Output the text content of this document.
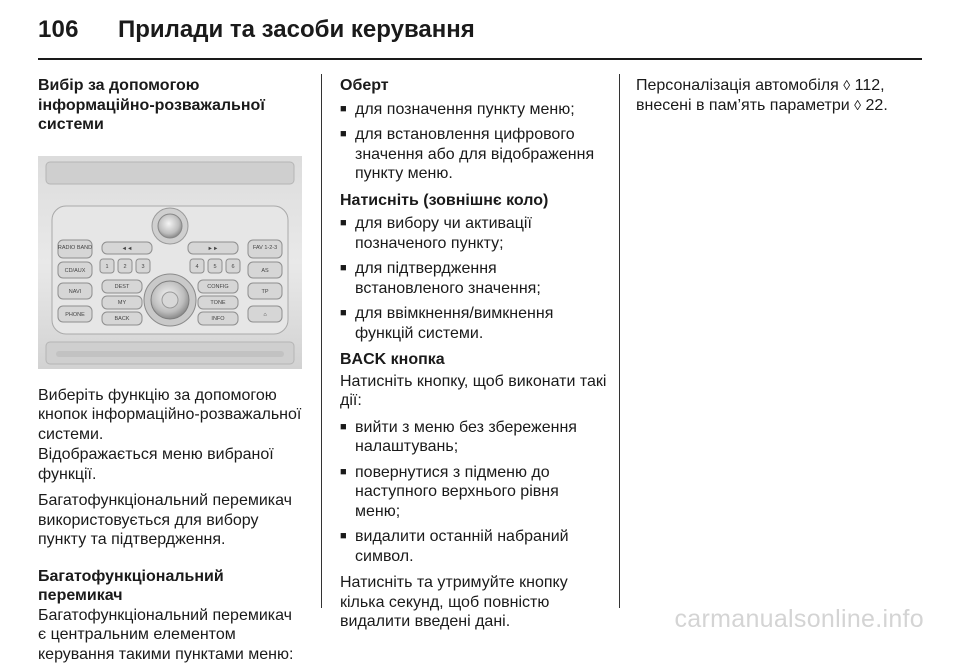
106 Прилади та засоби керування
Вибір за допомогою інформаційно-розважальної системи
RADIO BAND
CD/AUX
NAVI
PHONE
FAV 1-2-3
AS
TP
⌂
◄◄	►►
1	2	3	4	5	6
DEST
MY
BACK
CONFIG
TONE
INFO
Виберіть функцію за допомогою кнопок інформаційно-розважальної системи.
Відображається меню вибраної функції.
Багатофункціональний перемикач використовується для вибору пункту та підтвердження.
Багатофункціональний перемикач
Багатофункціональний перемикач є центральним елементом керування такими пунктами меню:
Оберт
■ для позначення пункту меню;
■ для встановлення цифрового значення або для відображення пункту меню.
Натисніть (зовнішнє коло)
■ для вибору чи активації позначеного пункту;
■ для підтвердження встановленого значення;
■ для ввімкнення/вимкнення функцій системи.
BACK кнопка
Натисніть кнопку, щоб виконати такі дії:
■ вийти з меню без збереження налаштувань;
■ повернутися з підменю до наступного верхнього рівня меню;
■ видалити останній набраний символ.
Натисніть та утримуйте кнопку кілька секунд, щоб повністю видалити введені дані.
Персоналізація автомобіля ◊ 112,
внесені в пам’ять параметри ◊ 22.
carmanualsonline.info
